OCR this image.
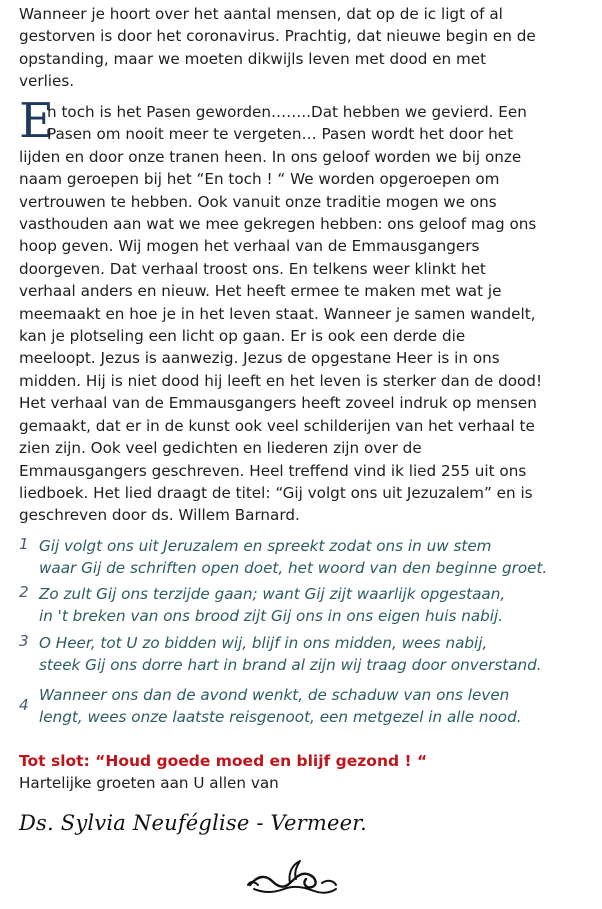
Wanneer je hoort over het aantal mensen, dat op de ic ligt of al
gestorven is door het coronavirus. Prachtig, dat nieuwe begin en de
opstanding, maar we moeten dikwijls leven met dood en met
verlies.

E

n toch is het Pasen geworden……..Dat hebben we gevierd. Een
Pasen om nooit meer te vergeten… Pasen wordt het door het
lijden en door onze tranen heen. In ons geloof worden we bij onze
naam geroepen bij het “En toch ! “ We worden opgeroepen om
vertrouwen te hebben. Ook vanuit onze traditie mogen we ons
vasthouden aan wat we mee gekregen hebben: ons geloof mag ons
hoop geven. Wij mogen het verhaal van de Emmausgangers
doorgeven. Dat verhaal troost ons. En telkens weer klinkt het
verhaal anders en nieuw. Het heeft ermee te maken met wat je
meemaakt en hoe je in het leven staat. Wanneer je samen wandelt,
kan je plotseling een licht op gaan. Er is ook een derde die
meeloopt. Jezus is aanwezig. Jezus de opgestane Heer is in ons
midden. Hij is niet dood hij leeft en het leven is sterker dan de dood!
Het verhaal van de Emmausgangers heeft zoveel indruk op mensen
gemaakt, dat er in de kunst ook veel schilderijen van het verhaal te
zien zijn. Ook veel gedichten en liederen zijn over de
Emmausgangers geschreven. Heel treffend vind ik lied 255 uit ons
liedboek. Het lied draagt de titel: “Gij volgt ons uit Jezuzalem” en is
geschreven door ds. Willem Barnard.

1 Gij volgt ons uit Jeruzalem en spreekt zodat ons in uw stem
waar Gij de schriften open doet, het woord van den beginne groet.
2 Zo zult Gij ons terzijde gaan; want Gij zijt waarlijk opgestaan,
in 't breken van ons brood zijt Gij ons in ons eigen huis nabij.
3 O Heer, tot U zo bidden wij, blijf in ons midden, wees nabij,
steek Gij ons dorre hart in brand al zijn wij traag door onverstand.
4
Wanneer ons dan de avond wenkt, de schaduw van ons leven
lengt, wees onze laatste reisgenoot, een metgezel in alle nood.
Tot slot: “Houd goede moed en blijf gezond ! “
Hartelijke groeten aan U allen van
Ds. Sylvia Neuféglise - Vermeer.
